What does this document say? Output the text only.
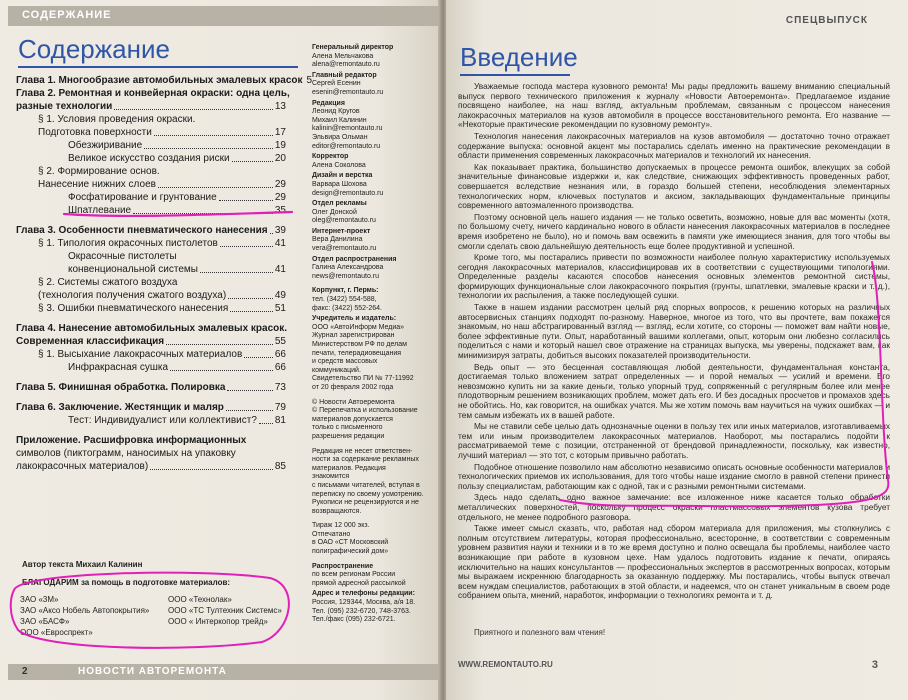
СОДЕРЖАНИЕ
Содержание
Глава 1. Многообразие автомобильных эмалевых красок 5
Глава 2. Ремонтная и конвейерная окраски: одна цель,
разные технологии	13
§ 1. Условия проведения окраски.
Подготовка поверхности	17
Обезжиривание	19
Великое искусство создания риски	20
§ 2. Формирование основ.
Нанесение нижних слоев	29
Фосфатирование и грунтование	29
Шпатлевание	35
Глава 3. Особенности пневматического нанесения 39
§ 1. Типология окрасочных пистолетов	41
Окрасочные пистолеты
конвенциональной системы	41
§ 2. Системы сжатого воздуха
(технология получения сжатого воздуха)	49
§ 3. Ошибки пневматического нанесения	51
Глава 4. Нанесение автомобильных эмалевых красок.
Современная классификация	55
§ 1. Высыхание лакокрасочных материалов	66
Инфракрасная сушка	66
Глава 5. Финишная обработка. Полировка	73
Глава 6. Заключение. Жестянщик и маляр	79
Тест: Индивидуалист или коллективист? 81
Приложение. Расшифровка информационных
символов (пиктограмм, наносимых на упаковку
лакокрасочных материалов)	85
Автор текста Михаил Калинин
БЛАГОДАРИМ за помощь в подготовке материалов:
ЗАО «3М»
ЗАО «Аксо Нобель Автопокрытия»
ЗАО «БАСФ»
ООО «Евроспрект»
ООО «Технолак»
ООО «ТС Тултехник Системс»
ООО « Интеркопор трейд»
Генеральный директор
Алена Мельчакова
alena@remontauto.ru
Главный редактор
Сергей Есенин
esenin@remontauto.ru
Редакция
Леонид Кругов
Михаил Калинин
kalinin@remontauto.ru
Эльвира Ольман
editor@remontauto.ru
Корректор
Алена Соколова
Дизайн и верстка
Варвара Шохова
design@remontauto.ru
Отдел рекламы
Олег Донской
oleg@remontauto.ru
Интернет-проект
Вера Данилина
vera@remontauto.ru
Отдел распространения
Галина Александрова
news@remontauto.ru
Корпункт, г. Пермь:
тел. (3422) 554-588,
факс: (3422) 552-264.
Учредитель и издатель:
ООО «АвтоИнформ Медиа»
Журнал зарегистрирован
Министерством РФ по делам
печати, телерадиовещания
и средств массовых
коммуникаций.
Свидетельство ПИ № 77-11992
от 20 февраля 2002 года
© Новости Автоеремонта
© Перепечатка и использование
материалов допускается
только с письменного
разрешения редакции
Редакция не несет ответствен-
ности за содержание рекламных
материалов. Редакция знакомится
с письмами читателей, вступая в
переписку по своему усмотрению.
Рукописи не рецензируются и не
возвращаются.
Тираж 12 000 экз.
Отпечатано
в ОАО «СТ Московский
полиграфический дом»
Распространение
по всем регионам России
прямой адресной рассылкой
Адрес и телефоны редакции:
Россия, 129344, Москва, а/я 18.
Тел. (095) 232-6720, 748-3763.
Тел./факс (095) 232-6721.
2	НОВОСТИ АВТОРЕМОНТА
СПЕЦВЫПУСК
Введение

Уважаемые господа мастера кузовного ремонта! Мы рады предложить вашему вниманию специальный выпуск первого технического приложения к журналу «Новости Автоеремонта». Предлагаемое издание посвящено наиболее, на наш взгляд, актуальным проблемам, связанным с процессом нанесения лакокрасочных материалов на кузов автомобиля в процессе восстановительного ремонта. Его название — «Некоторые практические рекомендации по кузовному ремонту».

Технология нанесения лакокрасочных материалов на кузов автомобиля — достаточно точно отражает содержание выпуска: основной акцент мы постарались сделать именно на практические рекомендации в области применения современных лакокрасочных материалов и технологий их нанесения.

Как показывает практика, большинство допускаемых в процессе ремонта ошибок, влекущих за собой значительные финансовые издержки и, как следствие, снижающих эффективность проведенных работ, совершается вследствие незнания или, в гораздо большей степени, несоблюдения элементарных технологических норм, ключевых постулатов и аксиом, закладывающих фундаментальные принципы современного автоэмаленного производства.

Поэтому основной цель нашего издания — не только осветить, возможно, новые для вас моменты (хотя, по большому счету, ничего кардинально нового в области нанесения лакокрасочных материалов в последнее время изобретено не было), но и помочь вам освежить в памяти уже имеющиеся знания, для того чтобы вы смогли сделать свою дальнейшую деятельность еще более продуктивной и успешной.

Кроме того, мы постарались привести по возможности наиболее полную характеристику используемых сегодня лакокрасочных материалов, классифицировав их в соответствии с существующими типологиями. Определенные разделы касаются способов нанесения основных элементов ремонтной системы, формирующих функциональные слои лакокрасочного покрытия (грунты, шпатлевки, эмалевые краски и т. д.), технологии их распыления, а также последующей сушки.

Также в нашем издании рассмотрен целый ряд спорных вопросов, к решению которых на различных автосервисных станциях подходят по-разному. Наверное, многое из того, что вы прочтете, вам покажется знакомым, но наш абстрагированный взгляд — взгляд, если хотите, со стороны — поможет вам найти новые, более эффективные пути. Опыт, наработанный вашими коллегами, опыт, которым они любезно согласились поделиться с нами и который нашел свое отражение на страницах выпуска, мы уверены, подскажет вам, как минимизируя затраты, добиться высоких показателей производительности.

Ведь опыт — это бесценная составляющая любой деятельности, фундаментальная константа, достигаемая только вложением затрат определенных — и порой немалых — усилий и времени. Его невозможно купить ни за какие деньги, только упорный труд, сопряженный с регулярным более или менее плодотворным решением возникающих проблем, может дать его. И без досадных просчетов и промахов здесь не обойтись. Но, как говорится, на ошибках учатся. Мы же хотим помочь вам научиться на чужих ошибках — и тем самым избежать их в вашей работе.

Мы не ставили себе целью дать однозначные оценки в пользу тех или иных материалов, изготавливаемых тем или иным производителем лакокрасочных материалов. Наоборот, мы постарались подойти к рассматриваемой теме с позиции, отстраненной от брендовой принадлежности, поскольку, как известно, лучший материал — это тот, с которым привычно работать.

Подобное отношение позволило нам абсолютно независимо описать основные особенности материалов и технологических приемов их использования, для того чтобы наше издание смогло в равной степени принести пользу специалистам, работающим как с одной, так и с разными ремонтными системами.

Здесь надо сделать одно важное замечание: все изложенное ниже касается только обработки металлических поверхностей, поскольку процесс окраски пластмассовых элементов кузова требует отдельного, не менее подробного разговора.

Также имеет смысл сказать, что, работая над сбором материала для приложения, мы столкнулись с полным отсутствием литературы, которая профессионально, всесторонне, в соответствии с современным уровнем развития науки и техники и в то же время доступно и полно освещала бы проблемы, наиболее часто возникающие при работе в кузовном цехе. Нам удалось подготовить издание к печати, опираясь исключительно на наших консультантов — профессиональных экспертов в рассмотренных вопросах, которым мы выражаем искреннюю благодарность за оказанную поддержку. Мы постарались, чтобы выпуск отвечал всем нуждам специалистов, работающих в этой области, и надеемся, что он станет уникальным в своем роде собранием опыта, мнений, наработок, информации о технологиях ремонта и т. д.

Приятного и полезного вам чтения!
WWW.REMONTAUTO.RU	3
